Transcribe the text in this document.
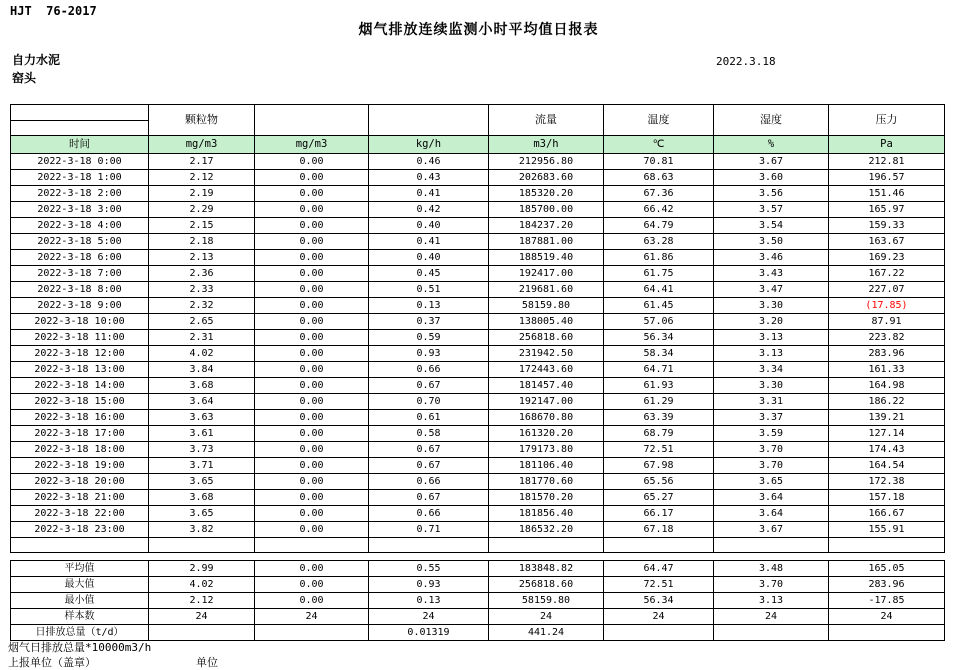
HJT  76-2017
烟气排放连续监测小时平均值日报表
自力水泥
窑头
2022.3.18
	颗粒物			流量	温度	湿度	压力

时间	mg/m3	mg/m3	kg/h	m3/h	℃	%	Pa
2022-3-18 0:00	2.17	0.00	0.46	212956.80	70.81	3.67	212.81
2022-3-18 1:00	2.12	0.00	0.43	202683.60	68.63	3.60	196.57
2022-3-18 2:00	2.19	0.00	0.41	185320.20	67.36	3.56	151.46
2022-3-18 3:00	2.29	0.00	0.42	185700.00	66.42	3.57	165.97
2022-3-18 4:00	2.15	0.00	0.40	184237.20	64.79	3.54	159.33
2022-3-18 5:00	2.18	0.00	0.41	187881.00	63.28	3.50	163.67
2022-3-18 6:00	2.13	0.00	0.40	188519.40	61.86	3.46	169.23
2022-3-18 7:00	2.36	0.00	0.45	192417.00	61.75	3.43	167.22
2022-3-18 8:00	2.33	0.00	0.51	219681.60	64.41	3.47	227.07
2022-3-18 9:00	2.32	0.00	0.13	58159.80	61.45	3.30	(17.85)
2022-3-18 10:00	2.65	0.00	0.37	138005.40	57.06	3.20	87.91
2022-3-18 11:00	2.31	0.00	0.59	256818.60	56.34	3.13	223.82
2022-3-18 12:00	4.02	0.00	0.93	231942.50	58.34	3.13	283.96
2022-3-18 13:00	3.84	0.00	0.66	172443.60	64.71	3.34	161.33
2022-3-18 14:00	3.68	0.00	0.67	181457.40	61.93	3.30	164.98
2022-3-18 15:00	3.64	0.00	0.70	192147.00	61.29	3.31	186.22
2022-3-18 16:00	3.63	0.00	0.61	168670.80	63.39	3.37	139.21
2022-3-18 17:00	3.61	0.00	0.58	161320.20	68.79	3.59	127.14
2022-3-18 18:00	3.73	0.00	0.67	179173.80	72.51	3.70	174.43
2022-3-18 19:00	3.71	0.00	0.67	181106.40	67.98	3.70	164.54
2022-3-18 20:00	3.65	0.00	0.66	181770.60	65.56	3.65	172.38
2022-3-18 21:00	3.68	0.00	0.67	181570.20	65.27	3.64	157.18
2022-3-18 22:00	3.65	0.00	0.66	181856.40	66.17	3.64	166.67
2022-3-18 23:00	3.82	0.00	0.71	186532.20	67.18	3.67	155.91

平均值	2.99	0.00	0.55	183848.82	64.47	3.48	165.05
最大值	4.02	0.00	0.93	256818.60	72.51	3.70	283.96
最小值	2.12	0.00	0.13	58159.80	56.34	3.13	-17.85
样本数	24	24	24	24	24	24	24
日排放总量（t/d）			0.01319	441.24			
烟气日排放总量*10000m3/h
上报单位（盖章）	单位
